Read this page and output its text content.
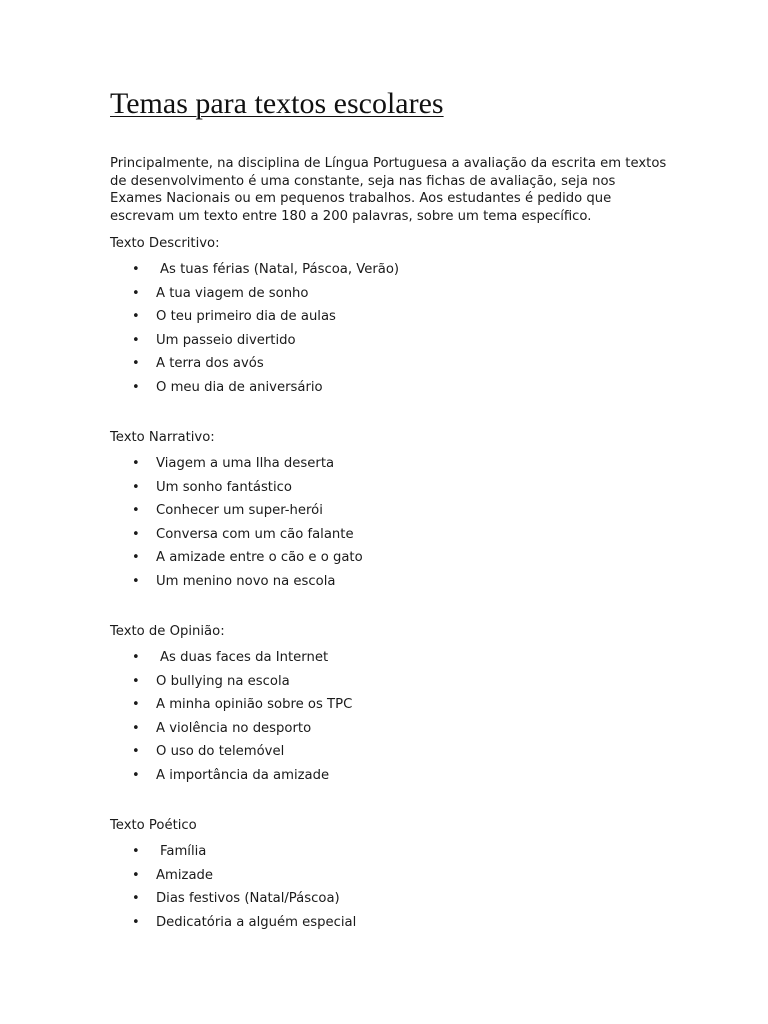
Temas para textos escolares

Principalmente, na disciplina de Língua Portuguesa a avaliação da escrita em textos de desenvolvimento é uma constante, seja nas fichas de avaliação, seja nos Exames Nacionais ou em pequenos trabalhos. Aos estudantes é pedido que escrevam um texto entre 180 a 200 palavras, sobre um tema específico.

Texto Descritivo:

• As tuas férias (Natal, Páscoa, Verão)
• A tua viagem de sonho
• O teu primeiro dia de aulas
• Um passeio divertido
• A terra dos avós
• O meu dia de aniversário

Texto Narrativo:

• Viagem a uma Ilha deserta
• Um sonho fantástico
• Conhecer um super-herói
• Conversa com um cão falante
• A amizade entre o cão e o gato
• Um menino novo na escola

Texto de Opinião:

• As duas faces da Internet
• O bullying na escola
• A minha opinião sobre os TPC
• A violência no desporto
• O uso do telemóvel
• A importância da amizade

Texto Poético

• Família
• Amizade
• Dias festivos (Natal/Páscoa)
• Dedicatória a alguém especial
